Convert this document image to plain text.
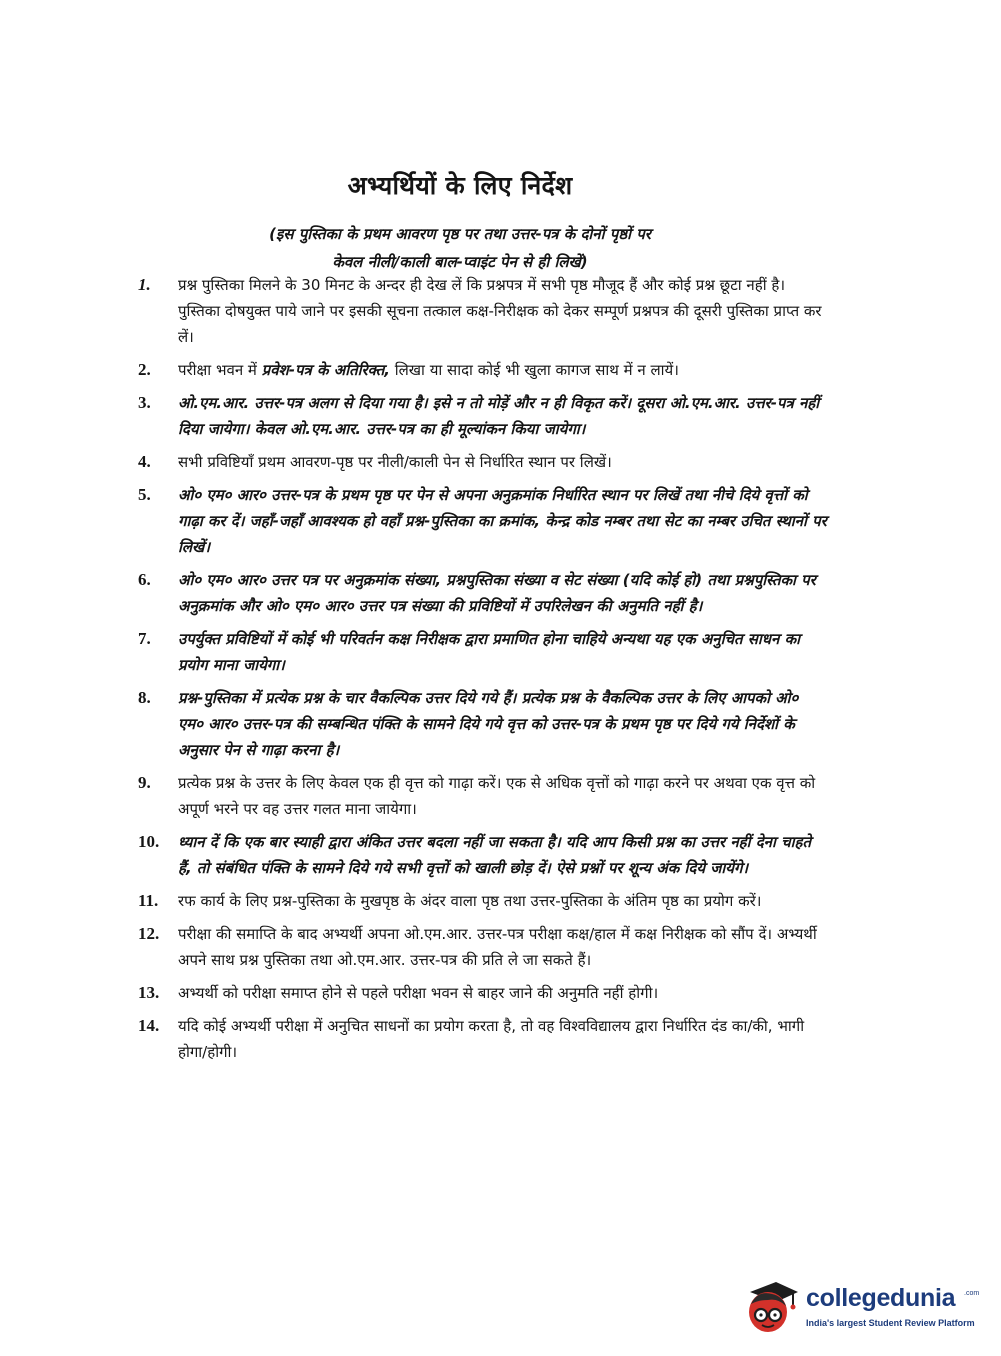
अभ्यर्थियों के लिए निर्देश
(इस पुस्तिका के प्रथम आवरण पृष्ठ पर तथा उत्तर-पत्र के दोनों पृष्ठों पर
केवल नीली/काली बाल-प्वाइंट पेन से ही लिखें)
1.	प्रश्न पुस्तिका मिलने के 30 मिनट के अन्दर ही देख लें कि प्रश्नपत्र में सभी पृष्ठ मौजूद हैं और कोई प्रश्न छूटा नहीं है। पुस्तिका दोषयुक्त पाये जाने पर इसकी सूचना तत्काल कक्ष-निरीक्षक को देकर सम्पूर्ण प्रश्नपत्र की दूसरी पुस्तिका प्राप्त कर लें।
2.	परीक्षा भवन में प्रवेश-पत्र के अतिरिक्त, लिखा या सादा कोई भी खुला कागज साथ में न लायें।
3.	ओ.एम.आर. उत्तर-पत्र अलग से दिया गया है। इसे न तो मोड़ें और न ही विकृत करें। दूसरा ओ.एम.आर. उत्तर-पत्र नहीं दिया जायेगा। केवल ओ.एम.आर. उत्तर-पत्र का ही मूल्यांकन किया जायेगा।
4.	सभी प्रविष्टियाँ प्रथम आवरण-पृष्ठ पर नीली/काली पेन से निर्धारित स्थान पर लिखें।
5.	ओ० एम० आर० उत्तर-पत्र के प्रथम पृष्ठ पर पेन से अपना अनुक्रमांक निर्धारित स्थान पर लिखें तथा नीचे दिये वृत्तों को गाढ़ा कर दें। जहाँ-जहाँ आवश्यक हो वहाँ प्रश्न-पुस्तिका का क्रमांक, केन्द्र कोड नम्बर तथा सेट का नम्बर उचित स्थानों पर लिखें।
6.	ओ० एम० आर० उत्तर पत्र पर अनुक्रमांक संख्या, प्रश्नपुस्तिका संख्या व सेट संख्या (यदि कोई हो) तथा प्रश्नपुस्तिका पर अनुक्रमांक और ओ० एम० आर० उत्तर पत्र संख्या की प्रविष्टियों में उपरिलेखन की अनुमति नहीं है।
7.	उपर्युक्त प्रविष्टियों में कोई भी परिवर्तन कक्ष निरीक्षक द्वारा प्रमाणित होना चाहिये अन्यथा यह एक अनुचित साधन का प्रयोग माना जायेगा।
8.	प्रश्न-पुस्तिका में प्रत्येक प्रश्न के चार वैकल्पिक उत्तर दिये गये हैं। प्रत्येक प्रश्न के वैकल्पिक उत्तर के लिए आपको ओ० एम० आर० उत्तर-पत्र की सम्बन्धित पंक्ति के सामने दिये गये वृत्त को उत्तर-पत्र के प्रथम पृष्ठ पर दिये गये निर्देशों के अनुसार पेन से गाढ़ा करना है।
9.	प्रत्येक प्रश्न के उत्तर के लिए केवल एक ही वृत्त को गाढ़ा करें। एक से अधिक वृत्तों को गाढ़ा करने पर अथवा एक वृत्त को अपूर्ण भरने पर वह उत्तर गलत माना जायेगा।
10.	ध्यान दें कि एक बार स्याही द्वारा अंकित उत्तर बदला नहीं जा सकता है। यदि आप किसी प्रश्न का उत्तर नहीं देना चाहते हैं, तो संबंधित पंक्ति के सामने दिये गये सभी वृत्तों को खाली छोड़ दें। ऐसे प्रश्नों पर शून्य अंक दिये जायेंगे।
11.	रफ कार्य के लिए प्रश्न-पुस्तिका के मुखपृष्ठ के अंदर वाला पृष्ठ तथा उत्तर-पुस्तिका के अंतिम पृष्ठ का प्रयोग करें।
12.	परीक्षा की समाप्ति के बाद अभ्यर्थी अपना ओ.एम.आर. उत्तर-पत्र परीक्षा कक्ष/हाल में कक्ष निरीक्षक को सौंप दें। अभ्यर्थी अपने साथ प्रश्न पुस्तिका तथा ओ.एम.आर. उत्तर-पत्र की प्रति ले जा सकते हैं।
13.	अभ्यर्थी को परीक्षा समाप्त होने से पहले परीक्षा भवन से बाहर जाने की अनुमति नहीं होगी।
14.	यदि कोई अभ्यर्थी परीक्षा में अनुचित साधनों का प्रयोग करता है, तो वह विश्वविद्यालय द्वारा निर्धारित दंड का/की, भागी होगा/होगी।
collegedunia .com
India's largest Student Review Platform
